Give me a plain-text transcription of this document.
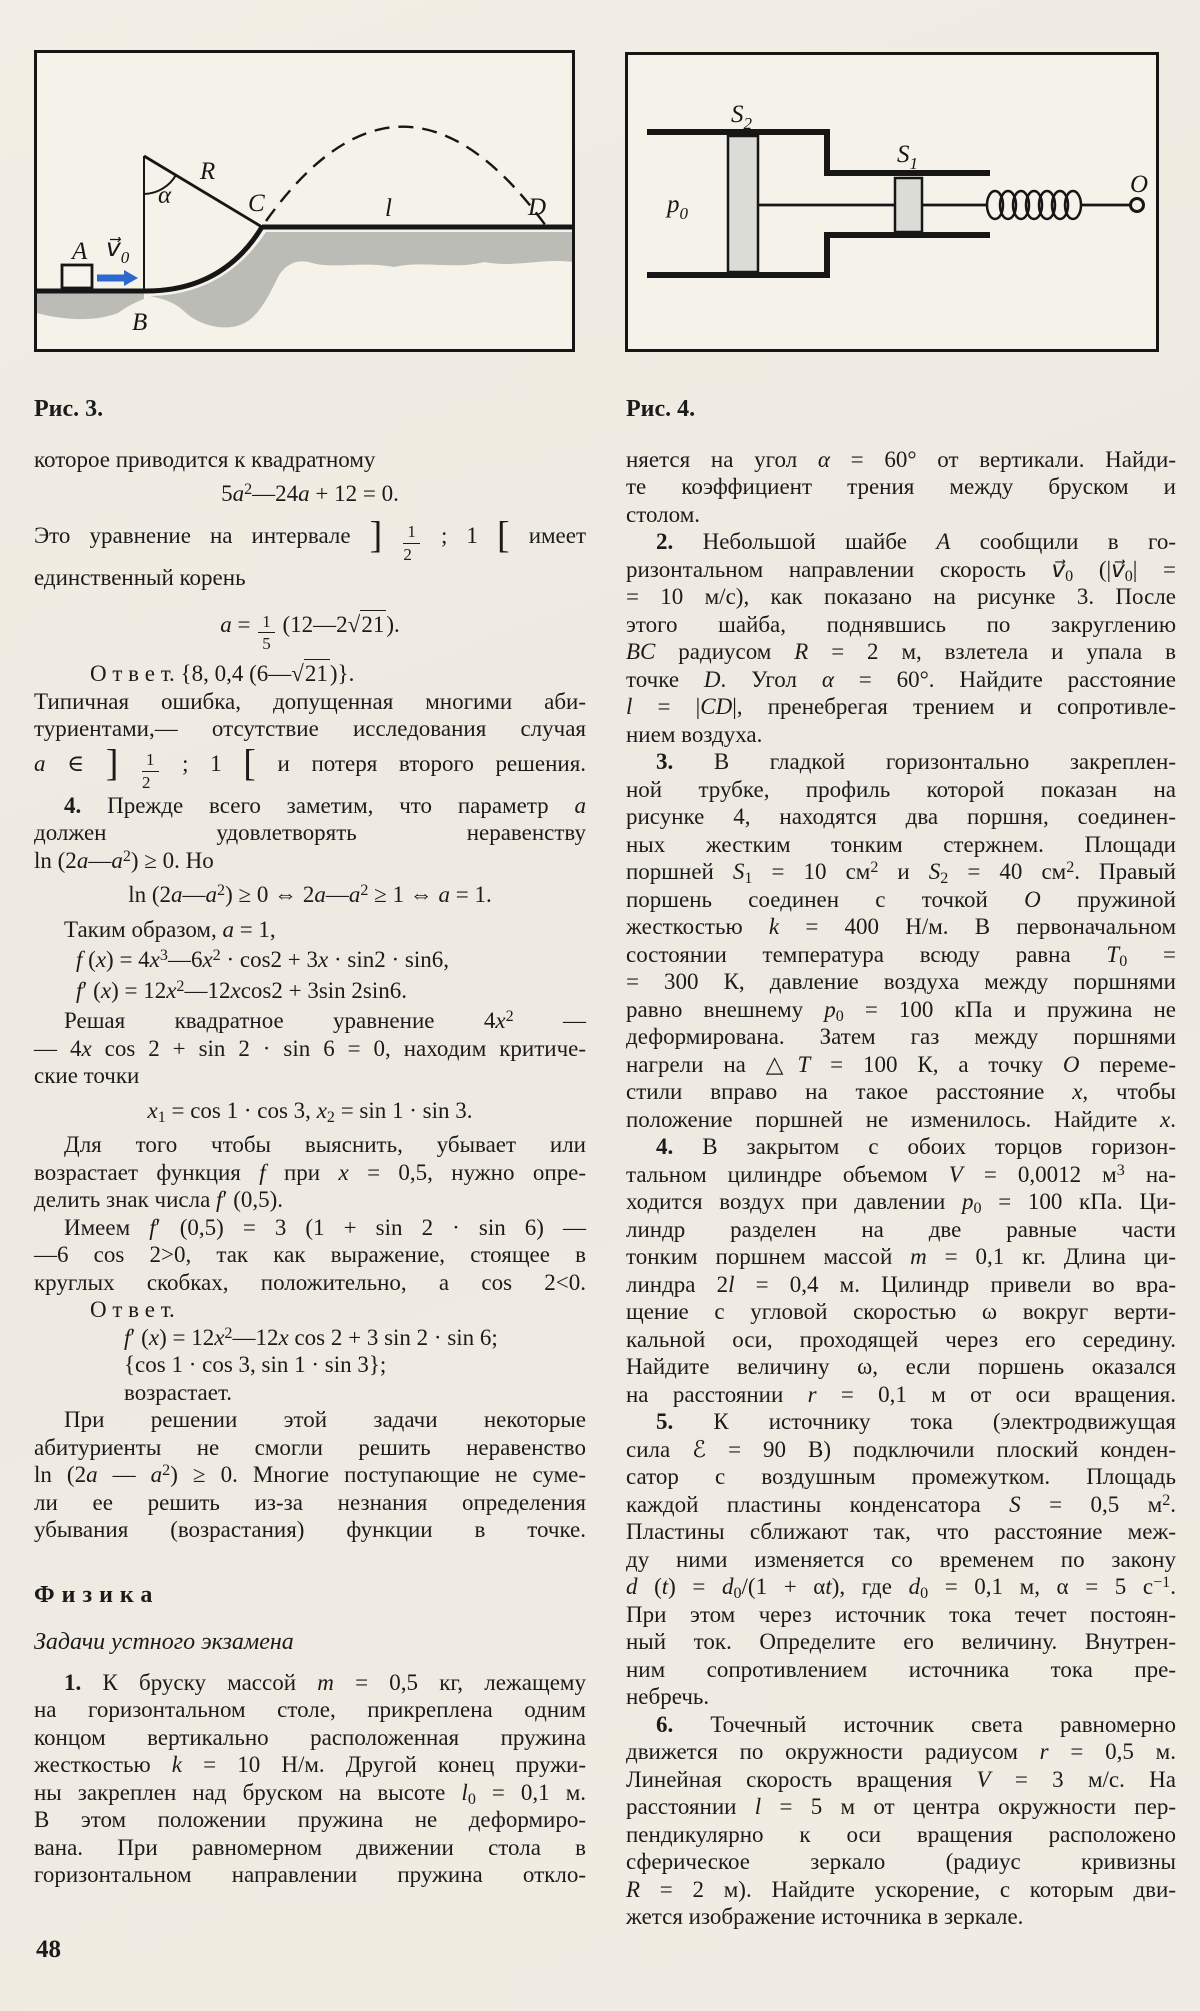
A $v⃗_0$
B
α
R
C	l	D
$S_2$
$S_1$
$p_0$
O
Рис. 3.
которое приводится к квадратному
$5a^2—24a + 12 = 0$.
Это уравнение на интервале ] $\frac{1}{2}$ ; 1 [ имеет
единственный корень
$a = \frac{1}{5}$ (12—2√21).
О т в е т. {8, 0,4 (6—√21)}.
Типичная ошибка, допущенная многими аби-
туриентами,— отсутствие исследования случая
a ∈ ] $\frac{1}{2}$ ; 1 [ и потеря второго решения.
4. Прежде всего заметим, что параметр a
должен удовлетворять неравенству
$\ln (2a—a^2) \ge 0$. Но
$\ln (2a—a^2) \ge 0$ ⇔ $2a—a^2 \ge 1$ ⇔ a = 1.
Таким образом, a = 1,
f $(x) = 4x^3—6x^2 \cdot \cos 2 + 3x \cdot \sin 2 \cdot \sin 6$,
f′ $(x) = 12x^2—12xcos2 + 3\sin$ 2sin6.
Решая квадратное уравнение $4x^2$ —
— 4x cos 2 + sin 2 · sin 6 = 0, находим критиче-
ские точки
$x_1 = \cos 1 \cdot \cos 3$, $x_2 = \sin 1 \cdot \sin 3$.
Для того чтобы выяснить, убывает или
возрастает функция f при x = 0,5, нужно опре-
делить знак числа f′ (0,5).
Имеем f′ (0,5) = 3 (1 + sin 2 · sin 6) —
—6 cos 2>0, так как выражение, стоящее в
круглых скобках, положительно, а cos 2<0.
О т в е т.
f′ $(x) = 12x^2—12x$ cos 2 + 3 sin 2 · sin 6;
{cos 1 · cos 3, sin 1 · sin 3};
возрастает.
При решении этой задачи некоторые
абитуриенты не смогли решить неравенство
ln (2a — $a^2) \ge 0$. Многие поступающие не суме-
ли ее решить из-за незнания определения
убывания (возрастания) функции в точке.
Физика
Задачи устного экзамена
1. К бруску массой m = 0,5 кг, лежащему
на горизонтальном столе, прикреплена одним
концом вертикально расположенная пружина
жесткостью k = 10 Н/м. Другой конец пружи-
ны закреплен над бруском на высоте $l_0 = 0,1$ м.
В этом положении пружина не деформиро-
вана. При равномерном движении стола в
горизонтальном направлении пружина откло-
Рис. 4.
няется на угол α = 60° от вертикали. Найди-
те коэффициент трения между бруском и
столом.
2. Небольшой шайбе A сообщили в го-
ризонтальном направлении скорость $v⃗_0$ ($|v⃗_0|$ =
= 10 м/с), как показано на рисунке 3. После
этого шайба, поднявшись по закруглению
BC радиусом R = 2 м, взлетела и упала в
точке D. Угол α = 60°. Найдите расстояние
l = |CD|, пренебрегая трением и сопротивле-
нием воздуха.
3. В гладкой горизонтально закреплен-
ной трубке, профиль которой показан на
рисунке 4, находятся два поршня, соединен-
ных жестким тонким стержнем. Площади
поршней $S_1 = 10$ $см^2$ и $S_2 = 40$ $см^2$. Правый
поршень соединен с точкой O пружиной
жесткостью k = 400 Н/м. В первоначальном
состоянии температура всюду равна $T_0$ =
= 300 К, давление воздуха между поршнями
равно внешнему $p_0 = 100$ кПа и пружина не
деформирована. Затем газ между поршнями
нагрели на △T = 100 К, а точку O переме-
стили вправо на такое расстояние x, чтобы
положение поршней не изменилось. Найдите x.
4. В закрытом с обоих торцов горизон-
тальном цилиндре объемом V = 0,0012 $м^3$ на-
ходится воздух при давлении $p_0 = 100$ кПа. Ци-
линдр разделен на две равные части
тонким поршнем массой m = 0,1 кг. Длина ци-
линдра 2l = 0,4 м. Цилиндр привели во вра-
щение с угловой скоростью ω вокруг верти-
кальной оси, проходящей через его середину.
Найдите величину ω, если поршень оказался
на расстоянии r = 0,1 м от оси вращения.
5. К источнику тока (электродвижущая
сила ℰ = 90 В) подключили плоский конден-
сатор с воздушным промежутком. Площадь
каждой пластины конденсатора S = 0,5 $м^2$.
Пластины сближают так, что расстояние меж-
ду ними изменяется со временем по закону
d $(t) = d_0/(1 + \alpha t)$, где $d_0 = 0,1$ м, α = 5 $с^{-1}$.
При этом через источник тока течет постоян-
ный ток. Определите его величину. Внутрен-
ним сопротивлением источника тока пре-
небречь.
6. Точечный источник света равномерно
движется по окружности радиусом r = 0,5 м.
Линейная скорость вращения V = 3 м/с. На
расстоянии l = 5 м от центра окружности пер-
пендикулярно к оси вращения расположено
сферическое зеркало (радиус кривизны
R = 2 м). Найдите ускорение, с которым дви-
жется изображение источника в зеркале.
48
